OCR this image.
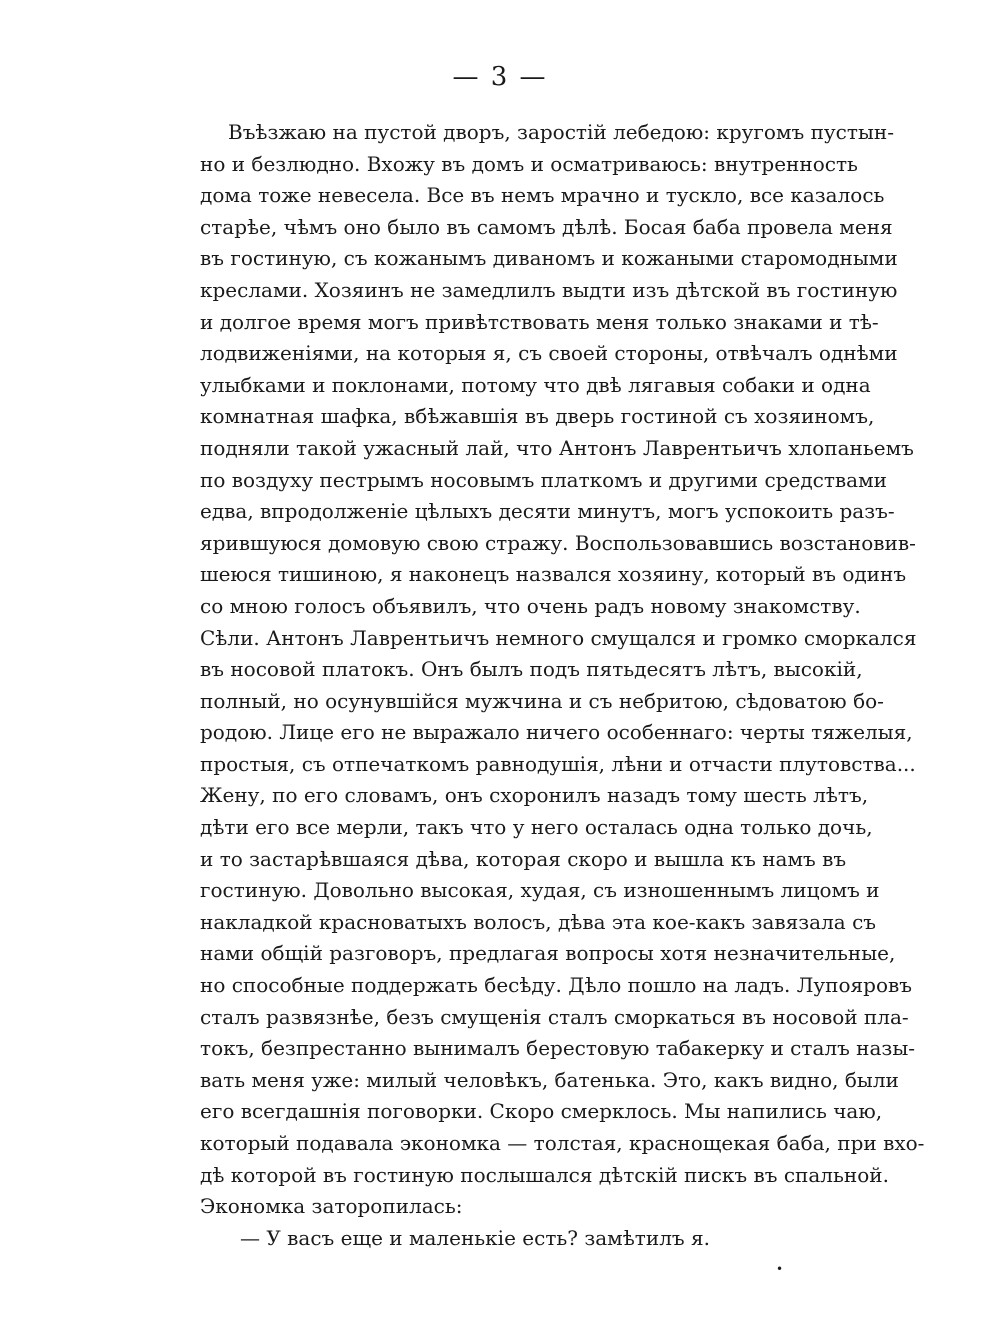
— 3 —
Въѣзжаю на пустой дворъ, заростій лебедою: кругомъ пустын-
но и безлюдно. Вхожу въ домъ и осматриваюсь: внутренность
дома тоже невесела. Все въ немъ мрачно и тускло, все казалось
старѣе, чѣмъ оно было въ самомъ дѣлѣ. Босая баба провела меня
въ гостиную, съ кожанымъ диваномъ и кожаными старомодными
креслами. Хозяинъ не замедлилъ выдти изъ дѣтской въ гостиную
и долгое время могъ привѣтствовать меня только знаками и тѣ-
лодвиженіями, на которыя я, съ своей стороны, отвѣчалъ однѣми
улыбками и поклонами, потому что двѣ лягавыя собаки и одна
комнатная шафка, вбѣжавшія въ дверь гостиной съ хозяиномъ,
подняли такой ужасный лай, что Антонъ Лаврентьичъ хлопаньемъ
по воздуху пестрымъ носовымъ платкомъ и другими средствами
едва, впродолженіе цѣлыхъ десяти минутъ, могъ успокоить разъ-
ярившуюся домовую свою стражу. Воспользовавшись возстановив-
шеюся тишиною, я наконецъ назвался хозяину, который въ одинъ
со мною голосъ объявилъ, что очень радъ новому знакомству.
Сѣли. Антонъ Лаврентьичъ немного смущался и громко сморкался
въ носовой платокъ. Онъ былъ подъ пятьдесятъ лѣтъ, высокій,
полный, но осунувшійся мужчина и съ небритою, сѣдоватою бо-
родою. Лице его не выражало ничего особеннаго: черты тяжелыя,
простыя, съ отпечаткомъ равнодушія, лѣни и отчасти плутовства...
Жену, по его словамъ, онъ схоронилъ назадъ тому шесть лѣтъ,
дѣти его все мерли, такъ что у него осталась одна только дочь,
и то застарѣвшаяся дѣва, которая скоро и вышла къ намъ въ
гостиную. Довольно высокая, худая, съ изношеннымъ лицомъ и
накладкой красноватыхъ волосъ, дѣва эта кое-какъ завязала съ
нами общій разговоръ, предлагая вопросы хотя незначительные,
но способные поддержать бесѣду. Дѣло пошло на ладъ. Лупояровъ
сталъ развязнѣе, безъ смущенія сталъ сморкаться въ носовой пла-
токъ, безпрестанно вынималъ берестовую табакерку и сталъ назы-
вать меня уже: милый человѣкъ, батенька. Это, какъ видно, были
его всегдашнія поговорки. Скоро смерклось. Мы напились чаю,
который подавала экономка — толстая, краснощекая баба, при вхо-
дѣ которой въ гостиную послышался дѣтскій пискъ въ спальной.
Экономка заторопилась:
— У васъ еще и маленькіе есть? замѣтилъ я.
•
